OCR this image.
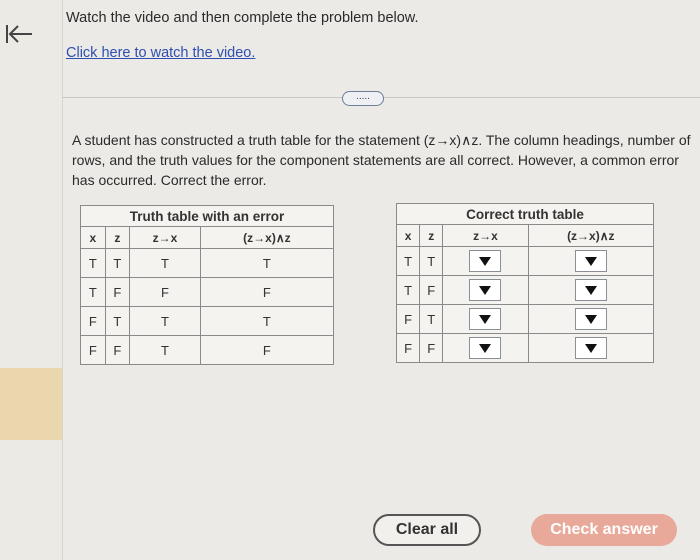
Watch the video and then complete the problem below.
Click here to watch the video.
.....
A student has constructed a truth table for the statement (z→x)∧z. The column headings, number of rows, and the truth values for the component statements are all correct. However, a common error has occurred. Correct the error.
Truth table with an error			
x	z	z→x	(z→x)∧z
T	T	T	T
T	F	F	F
F	T	T	T
F	F	T	F
Correct truth table			
x	z	z→x	(z→x)∧z
T	T	

T	F	

F	T	

F	F	

Clear all	Check answer
